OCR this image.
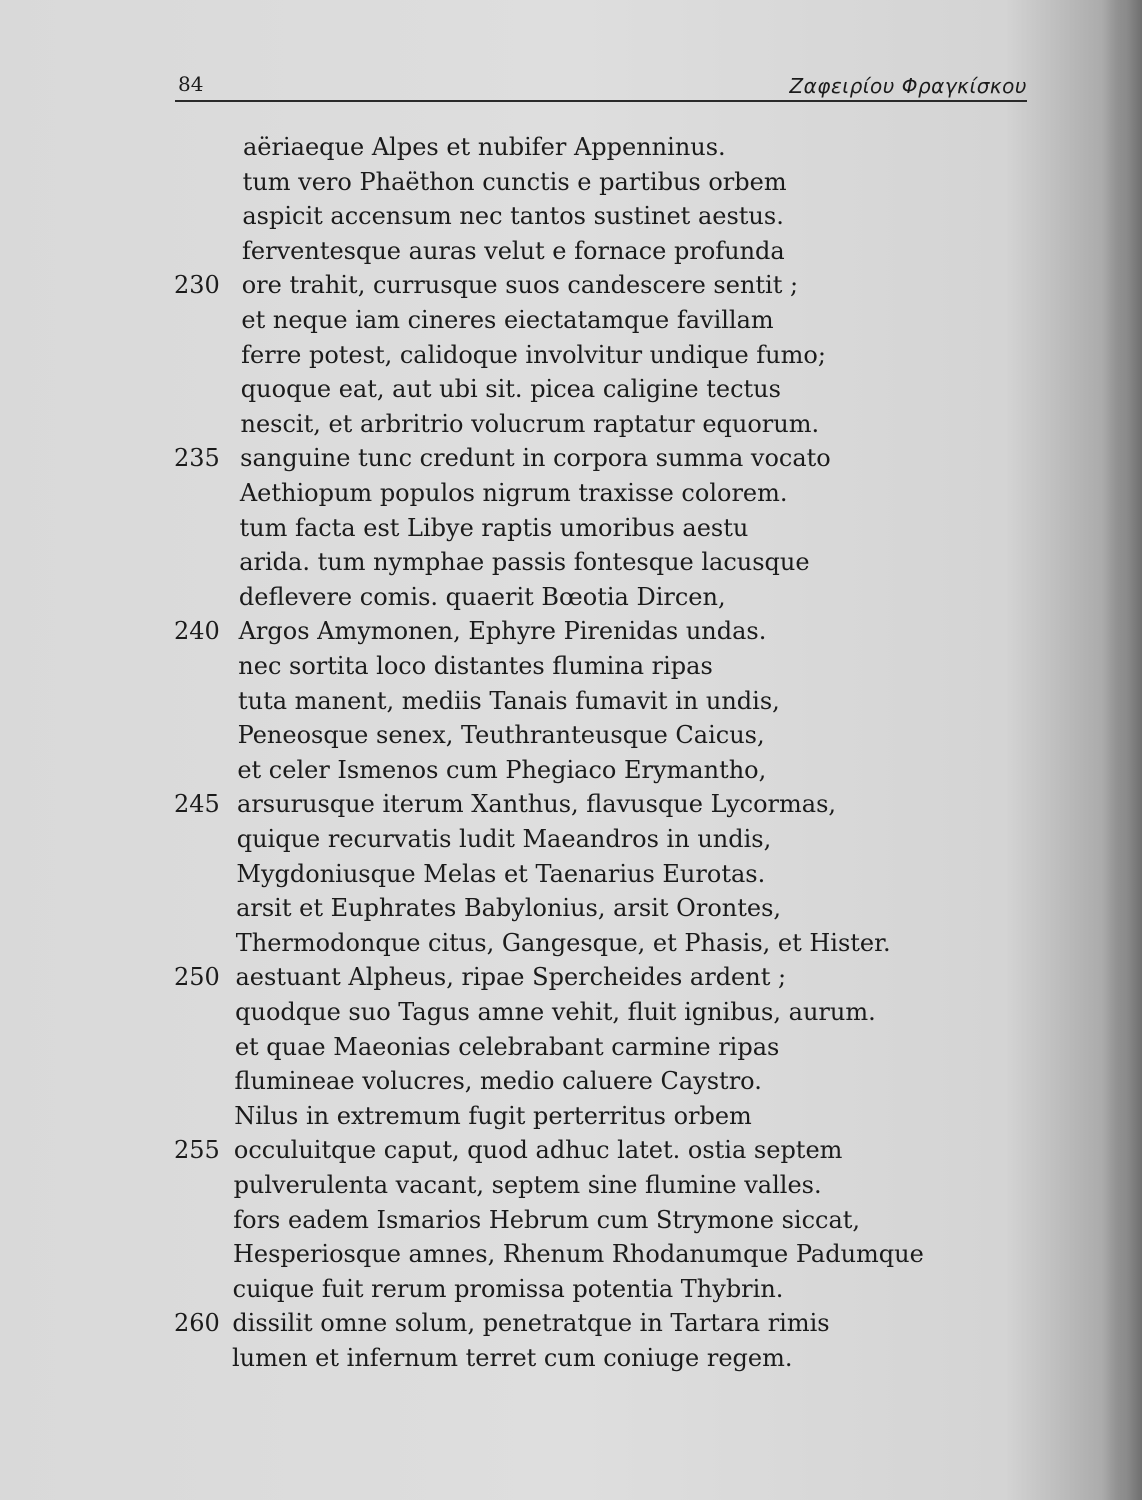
84	Ζαφειρίου Φραγκίσκου
aëriaeque Alpes et nubifer Appenninus.
tum vero Phaëthon cunctis e partibus orbem
aspicit accensum nec tantos sustinet aestus.
ferventesque auras velut e fornace profunda
230 ore trahit, currusque suos candescere sentit ;
et neque iam cineres eiectatamque favillam
ferre potest, calidoque involvitur undique fumo;
quoque eat, aut ubi sit. picea caligine tectus
nescit, et arbritrio volucrum raptatur equorum.
235 sanguine tunc credunt in corpora summa vocato
Aethiopum populos nigrum traxisse colorem.
tum facta est Libye raptis umoribus aestu
arida. tum nymphae passis fontesque lacusque
deflevere comis. quaerit Bœotia Dircen,
240 Argos Amymonen, Ephyre Pirenidas undas.
nec sortita loco distantes flumina ripas
tuta manent, mediis Tanais fumavit in undis,
Peneosque senex, Teuthranteusque Caicus,
et celer Ismenos cum Phegiaco Erymantho,
245 arsurusque iterum Xanthus, flavusque Lycormas,
quique recurvatis ludit Maeandros in undis,
Mygdoniusque Melas et Taenarius Eurotas.
arsit et Euphrates Babylonius, arsit Orontes,
Thermodonque citus, Gangesque, et Phasis, et Hister.
250 aestuant Alpheus, ripae Spercheides ardent ;
quodque suo Tagus amne vehit, fluit ignibus, aurum.
et quae Maeonias celebrabant carmine ripas
flumineae volucres, medio caluere Caystro.
Nilus in extremum fugit perterritus orbem
255 occuluitque caput, quod adhuc latet. ostia septem
pulverulenta vacant, septem sine flumine valles.
fors eadem Ismarios Hebrum cum Strymone siccat,
Hesperiosque amnes, Rhenum Rhodanumque Padumque
cuique fuit rerum promissa potentia Thybrin.
260 dissilit omne solum, penetratque in Tartara rimis
lumen et infernum terret cum coniuge regem.
